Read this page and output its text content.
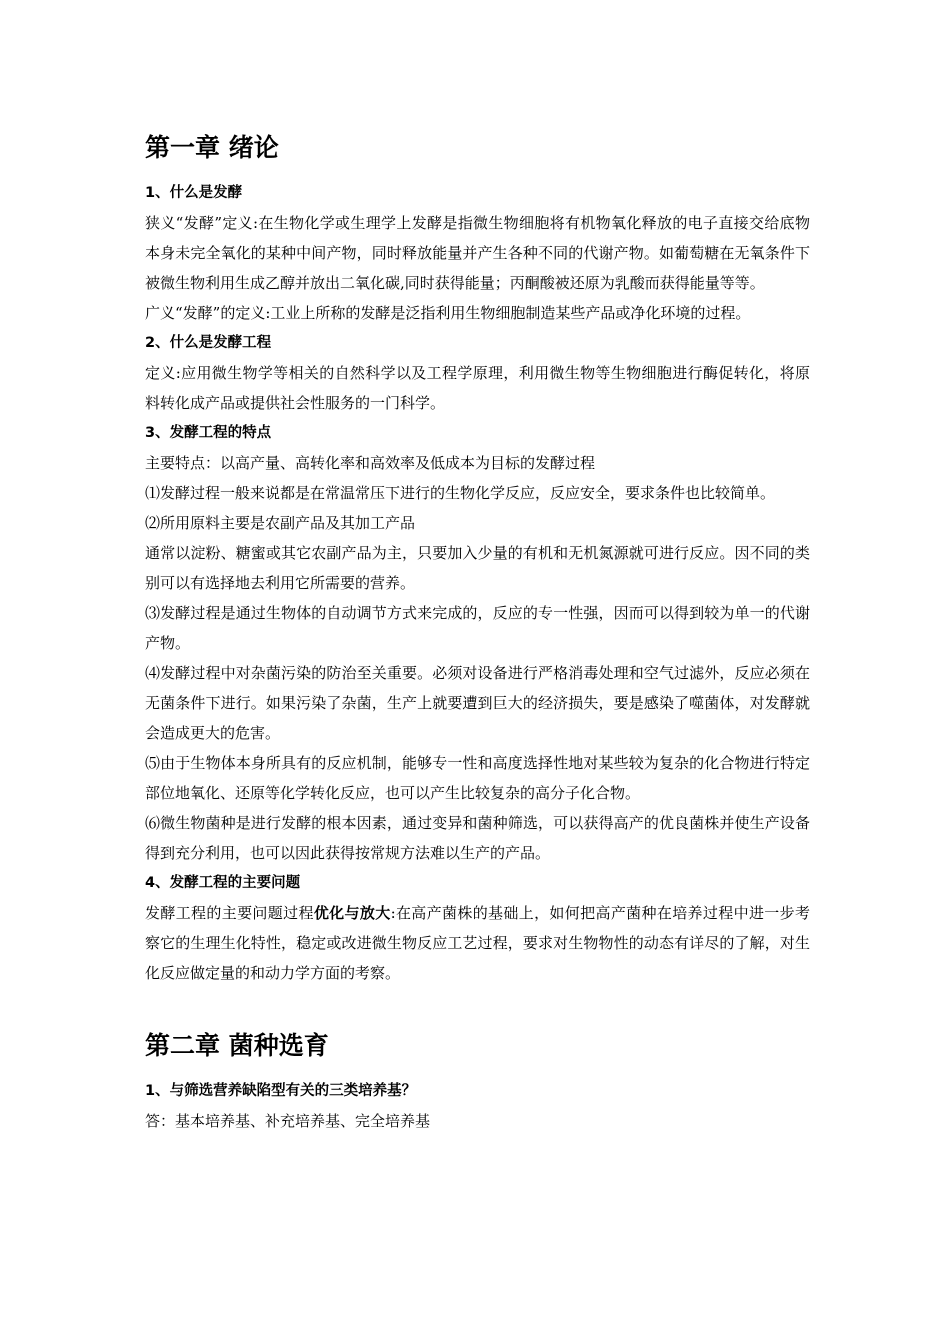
第一章 绪论
1、什么是发酵

狭义“发酵”定义:在生物化学或生理学上发酵是指微生物细胞将有机物氧化释放的电子直接交给底物本身未完全氧化的某种中间产物，同时释放能量并产生各种不同的代谢产物。如葡萄糖在无氧条件下被微生物利用生成乙醇并放出二氧化碳,同时获得能量；丙酮酸被还原为乳酸而获得能量等等。

广义“发酵”的定义:工业上所称的发酵是泛指利用生物细胞制造某些产品或净化环境的过程。

2、什么是发酵工程

定义:应用微生物学等相关的自然科学以及工程学原理，利用微生物等生物细胞进行酶促转化，将原料转化成产品或提供社会性服务的一门科学。

3、发酵工程的特点

主要特点：以高产量、高转化率和高效率及低成本为目标的发酵过程

⑴发酵过程一般来说都是在常温常压下进行的生物化学反应，反应安全，要求条件也比较简单。

⑵所用原料主要是农副产品及其加工产品

通常以淀粉、糖蜜或其它农副产品为主，只要加入少量的有机和无机氮源就可进行反应。因不同的类别可以有选择地去利用它所需要的营养。

⑶发酵过程是通过生物体的自动调节方式来完成的，反应的专一性强，因而可以得到较为单一的代谢产物。

⑷发酵过程中对杂菌污染的防治至关重要。必须对设备进行严格消毒处理和空气过滤外，反应必须在无菌条件下进行。如果污染了杂菌，生产上就要遭到巨大的经济损失，要是感染了噬菌体，对发酵就会造成更大的危害。

⑸由于生物体本身所具有的反应机制，能够专一性和高度选择性地对某些较为复杂的化合物进行特定部位地氧化、还原等化学转化反应，也可以产生比较复杂的高分子化合物。

⑹微生物菌种是进行发酵的根本因素，通过变异和菌种筛选，可以获得高产的优良菌株并使生产设备得到充分利用，也可以因此获得按常规方法难以生产的产品。

4、发酵工程的主要问题

发酵工程的主要问题过程优化与放大:在高产菌株的基础上，如何把高产菌种在培养过程中进一步考察它的生理生化特性，稳定或改进微生物反应工艺过程，要求对生物物性的动态有详尽的了解，对生化反应做定量的和动力学方面的考察。

第二章 菌种选育
1、与筛选营养缺陷型有关的三类培养基？

答：基本培养基、补充培养基、完全培养基
